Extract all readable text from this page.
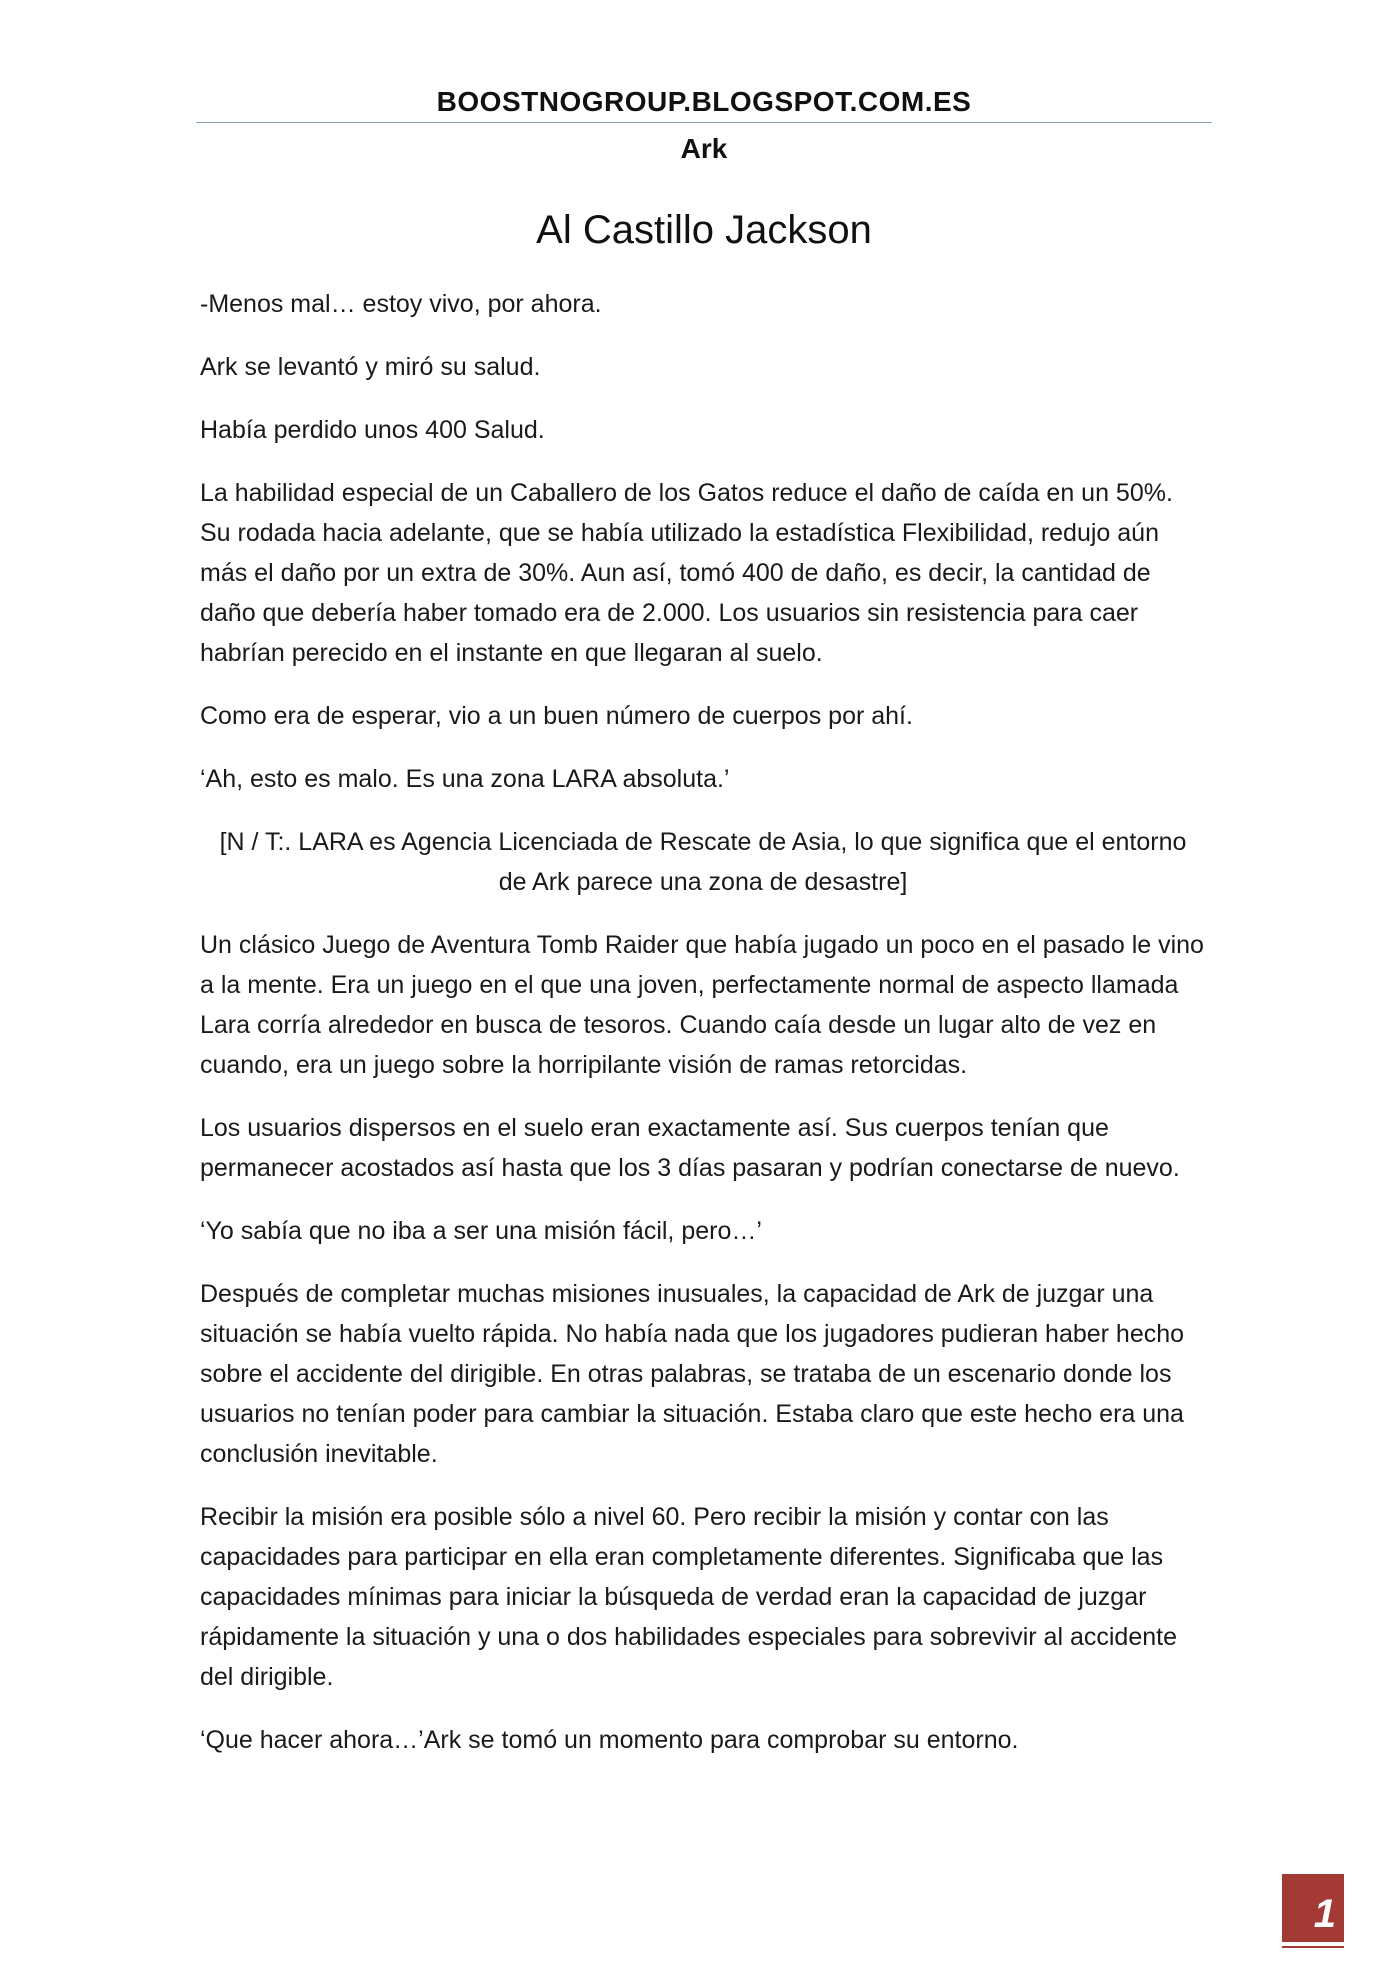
BOOSTNOGROUP.BLOGSPOT.COM.ES
Ark
Al Castillo Jackson

-Menos mal… estoy vivo, por ahora.

Ark se levantó y miró su salud.

Había perdido unos 400 Salud.

La habilidad especial de un Caballero de los Gatos reduce el daño de caída en un 50%. Su rodada hacia adelante, que se había utilizado la estadística Flexibilidad, redujo aún más el daño por un extra de 30%. Aun así, tomó 400 de daño, es decir, la cantidad de daño que debería haber tomado era de 2.000. Los usuarios sin resistencia para caer habrían perecido en el instante en que llegaran al suelo.

Como era de esperar, vio a un buen número de cuerpos por ahí.

‘Ah, esto es malo. Es una zona LARA absoluta.’

[N / T:. LARA es Agencia Licenciada de Rescate de Asia, lo que significa que el entorno de Ark parece una zona de desastre]

Un clásico Juego de Aventura Tomb Raider que había jugado un poco en el pasado le vino a la mente. Era un juego en el que una joven, perfectamente normal de aspecto llamada Lara corría alrededor en busca de tesoros. Cuando caía desde un lugar alto de vez en cuando, era un juego sobre la horripilante visión de ramas retorcidas.

Los usuarios dispersos en el suelo eran exactamente así. Sus cuerpos tenían que permanecer acostados así hasta que los 3 días pasaran y podrían conectarse de nuevo.

‘Yo sabía que no iba a ser una misión fácil, pero…’

Después de completar muchas misiones inusuales, la capacidad de Ark de juzgar una situación se había vuelto rápida. No había nada que los jugadores pudieran haber hecho sobre el accidente del dirigible. En otras palabras, se trataba de un escenario donde los usuarios no tenían poder para cambiar la situación. Estaba claro que este hecho era una conclusión inevitable.

Recibir la misión era posible sólo a nivel 60. Pero recibir la misión y contar con las capacidades para participar en ella eran completamente diferentes. Significaba que las capacidades mínimas para iniciar la búsqueda de verdad eran la capacidad de juzgar rápidamente la situación y una o dos habilidades especiales para sobrevivir al accidente del dirigible.

‘Que hacer ahora…’Ark se tomó un momento para comprobar su entorno.

1
